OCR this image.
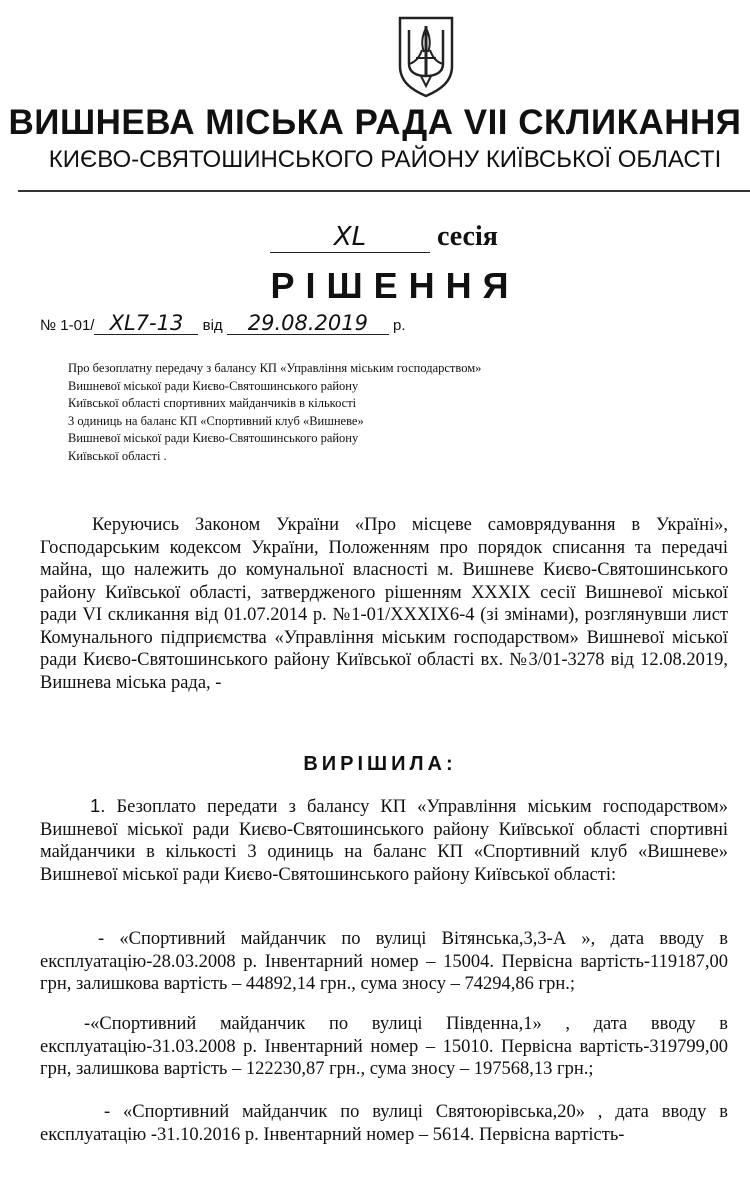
ВИШНЕВА МІСЬКА РАДА VII СКЛИКАННЯ
КИЄВО-СВЯТОШИНСЬКОГО РАЙОНУ КИЇВСЬКОЇ ОБЛАСТІ
XL	сесія
РІШЕННЯ
№ 1-01/ XL7-13 від 29.08.2019 р.
Про безоплатну передачу з балансу КП «Управління міським господарством»
Вишневої міської ради Києво-Святошинського району
Київської області спортивних майданчиків в кількості
3 одиниць на баланс КП «Спортивний клуб «Вишневе»
Вишневої міської ради Києво-Святошинського району
Київської області .
Керуючись Законом України «Про місцеве самоврядування в Україні», Господарським кодексом України, Положенням про порядок списання та передачі майна, що належить до комунальної власності м. Вишневе Києво-Святошинського району Київської області, затвердженого рішенням XXXIX сесії Вишневої міської ради VI скликання від 01.07.2014 р. №1-01/XXXIX6-4 (зі змінами), розглянувши лист Комунального підприємства «Управління міським господарством» Вишневої міської ради Києво-Святошинського району Київської області вх. №3/01-3278 від 12.08.2019, Вишнева міська рада, -
ВИРІШИЛА:
1. Безоплато передати з балансу КП «Управління міським господарством» Вишневої міської ради Києво-Святошинського району Київської області спортивні майданчики в кількості 3 одиниць на баланс КП «Спортивний клуб «Вишневе» Вишневої міської ради Києво-Святошинського району Київської області:
- «Спортивний майданчик по вулиці Вітянська,3,3-А », дата вводу в експлуатацію-28.03.2008 р. Інвентарний номер – 15004. Первісна вартість-119187,00 грн, залишкова вартість – 44892,14 грн., сума зносу – 74294,86 грн.;
-«Спортивний майданчик по вулиці Південна,1» , дата вводу в експлуатацію-31.03.2008 р. Інвентарний номер – 15010. Первісна вартість-319799,00 грн, залишкова вартість – 122230,87 грн., сума зносу – 197568,13 грн.;
- «Спортивний майданчик по вулиці Святоюрівська,20» , дата вводу в експлуатацію -31.10.2016 р. Інвентарний номер – 5614. Первісна вартість-
